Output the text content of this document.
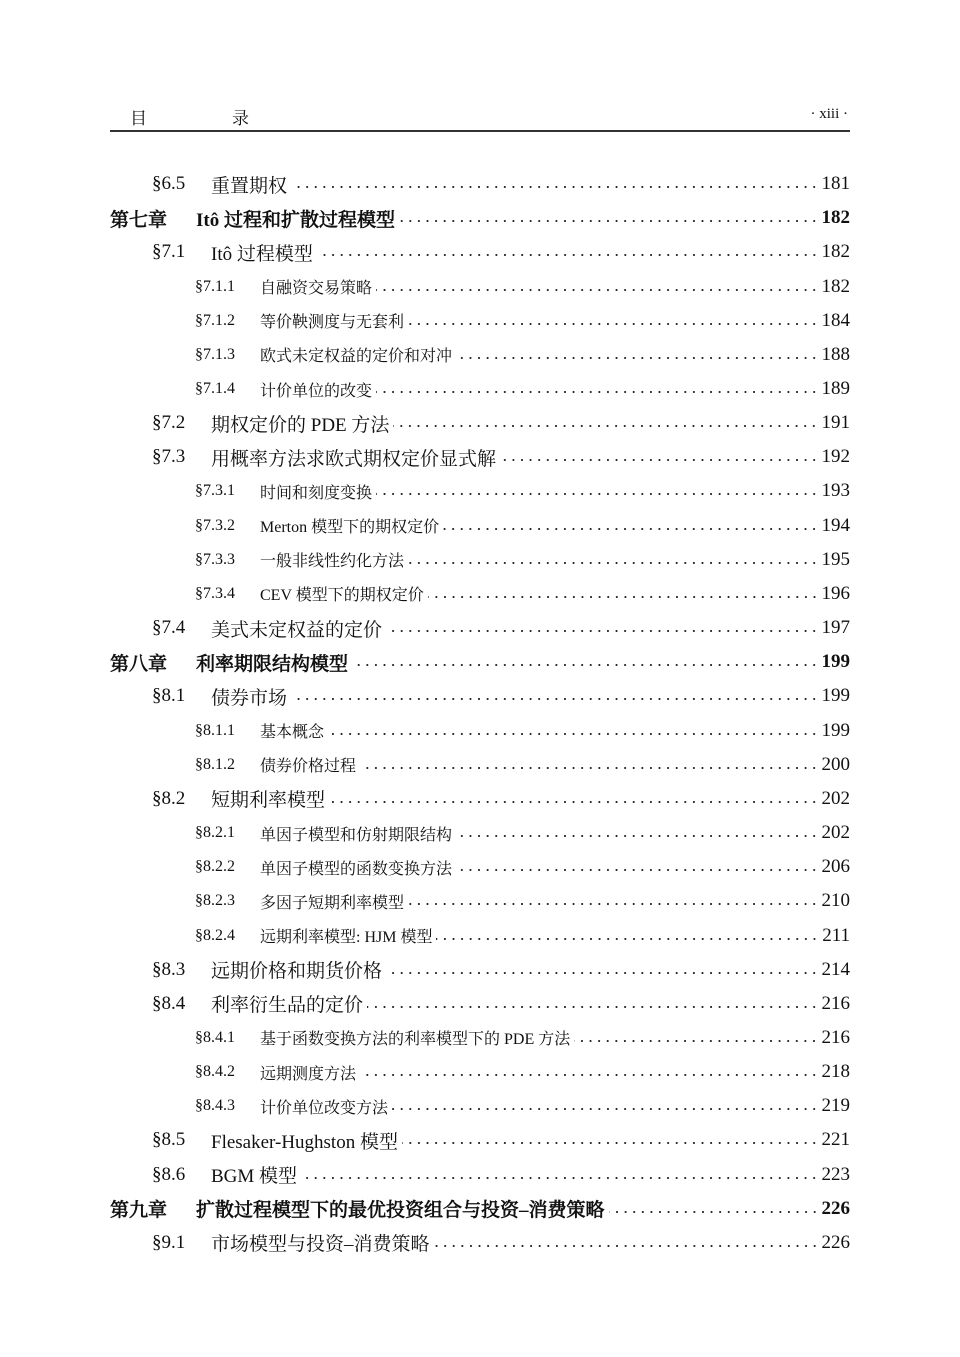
目　录	· xiii ·
§6.5	重置期权	181
第七章	Itô 过程和扩散过程模型	182
§7.1	Itô 过程模型	182
§7.1.1	自融资交易策略	182
§7.1.2	等价鞅测度与无套利	184
§7.1.3	欧式未定权益的定价和对冲	188
§7.1.4	计价单位的改变	189
§7.2	期权定价的 PDE 方法	191
§7.3	用概率方法求欧式期权定价显式解	192
§7.3.1	时间和刻度变换	193
§7.3.2	Merton 模型下的期权定价	194
§7.3.3	一般非线性约化方法	195
§7.3.4	CEV 模型下的期权定价	196
§7.4	美式未定权益的定价	197
第八章	利率期限结构模型	199
§8.1	债券市场	199
§8.1.1	基本概念	199
§8.1.2	债券价格过程	200
§8.2	短期利率模型	202
§8.2.1	单因子模型和仿射期限结构	202
§8.2.2	单因子模型的函数变换方法	206
§8.2.3	多因子短期利率模型	210
§8.2.4	远期利率模型: HJM 模型	211
§8.3	远期价格和期货价格	214
§8.4	利率衍生品的定价	216
§8.4.1	基于函数变换方法的利率模型下的 PDE 方法	216
§8.4.2	远期测度方法	218
§8.4.3	计价单位改变方法	219
§8.5	Flesaker-Hughston 模型	221
§8.6	BGM 模型	223
第九章	扩散过程模型下的最优投资组合与投资–消费策略	226
§9.1	市场模型与投资–消费策略	226
